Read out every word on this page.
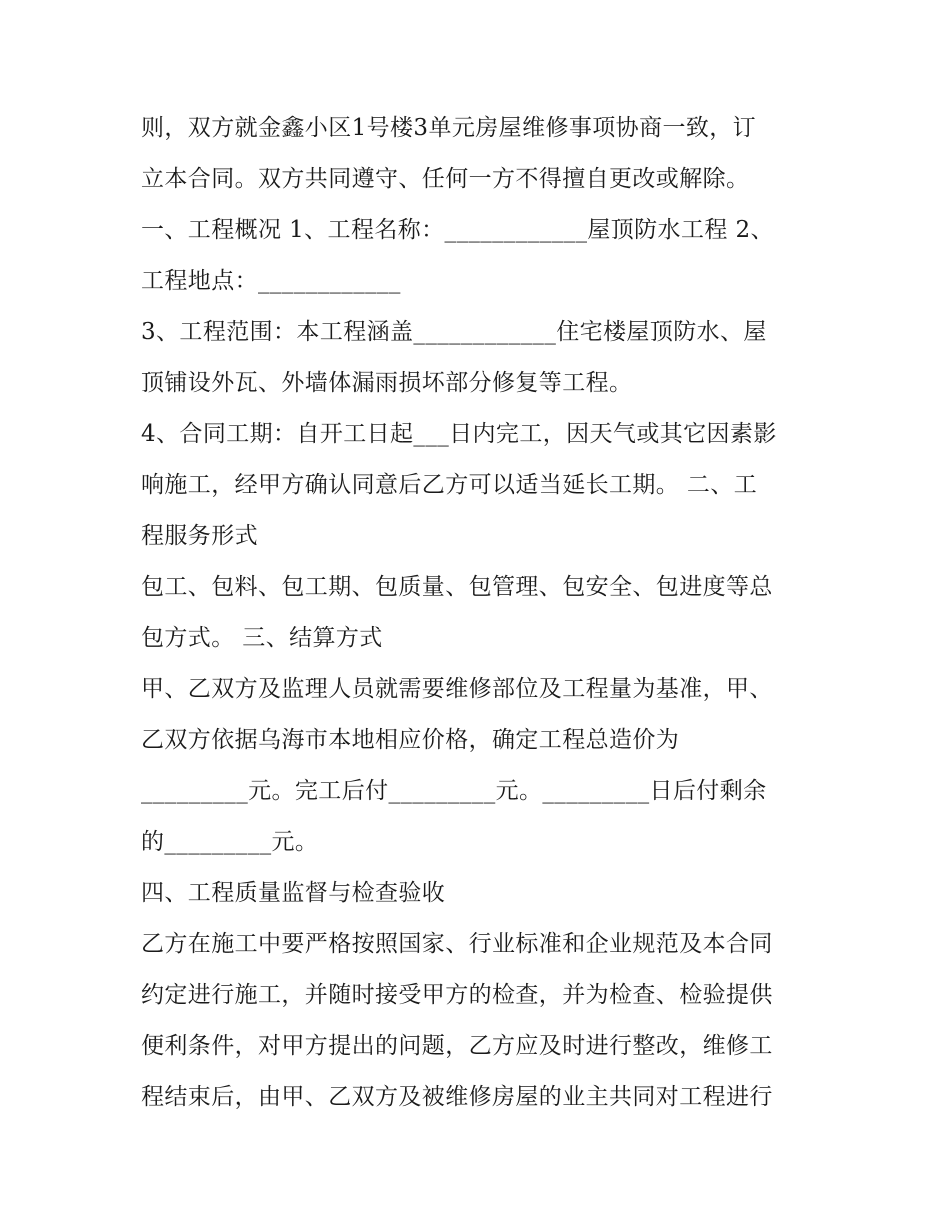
则，双方就金鑫小区1号楼3单元房屋维修事项协商一致，订
立本合同。双方共同遵守、任何一方不得擅自更改或解除。
一、工程概况 1、工程名称：____________屋顶防水工程 2、
工程地点：____________
3、工程范围：本工程涵盖____________住宅楼屋顶防水、屋
顶铺设外瓦、外墙体漏雨损坏部分修复等工程。
4、合同工期：自开工日起___日内完工，因天气或其它因素影
响施工，经甲方确认同意后乙方可以适当延长工期。 二、工
程服务形式
包工、包料、包工期、包质量、包管理、包安全、包进度等总
包方式。 三、结算方式
甲、乙双方及监理人员就需要维修部位及工程量为基准，甲、
乙双方依据乌海市本地相应价格，确定工程总造价为
_________元。完工后付_________元。_________日后付剩余
的_________元。
四、工程质量监督与检查验收
乙方在施工中要严格按照国家、行业标准和企业规范及本合同
约定进行施工，并随时接受甲方的检查，并为检查、检验提供
便利条件，对甲方提出的问题，乙方应及时进行整改，维修工
程结束后，由甲、乙双方及被维修房屋的业主共同对工程进行
